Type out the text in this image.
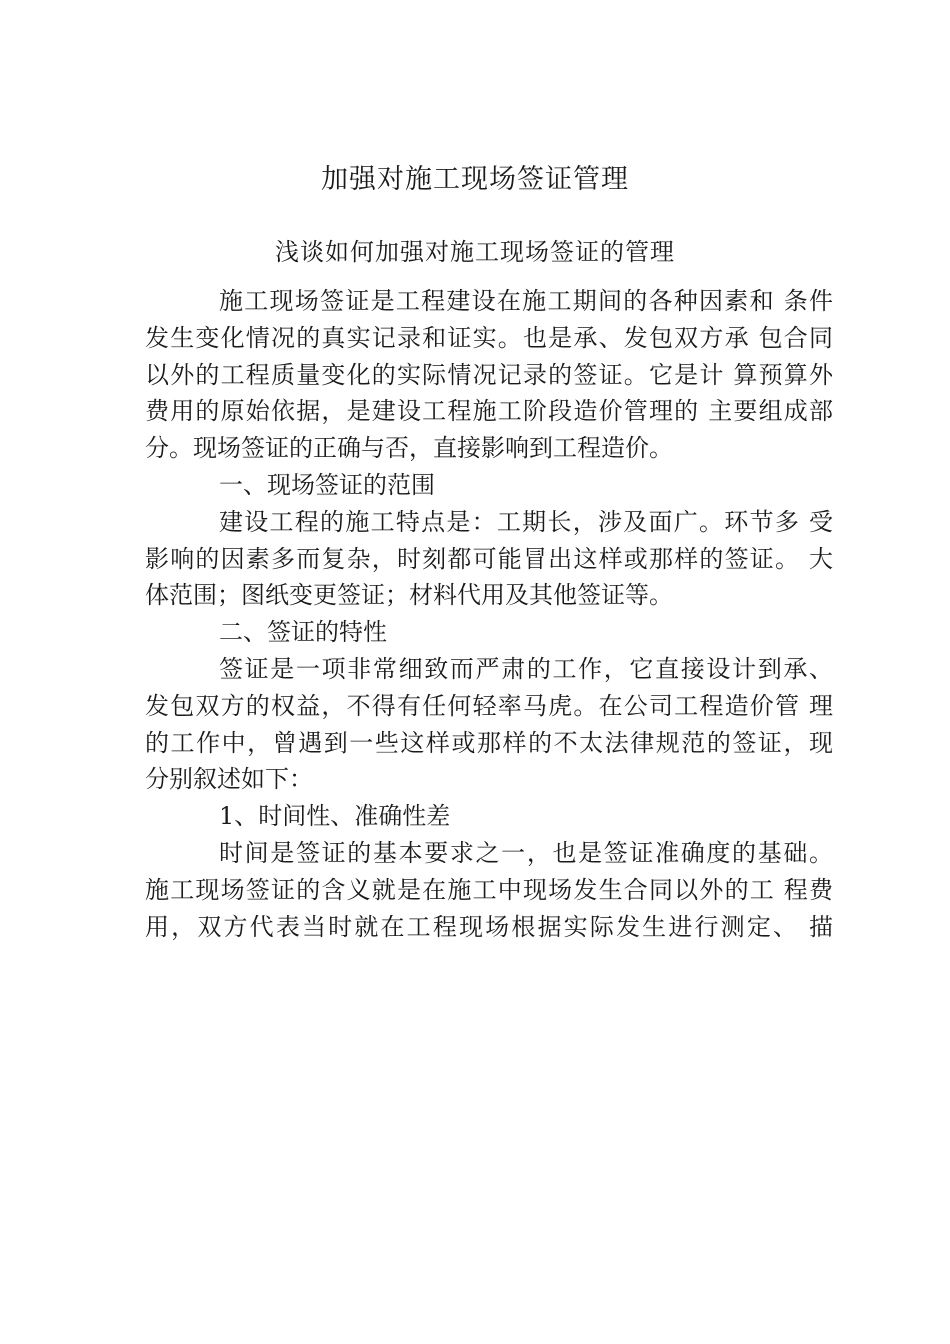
加强对施工现场签证管理
浅谈如何加强对施工现场签证的管理
施工现场签证是工程建设在施工期间的各种因素和 条件
发生变化情况的真实记录和证实。也是承、发包双方承 包合同
以外的工程质量变化的实际情况记录的签证。它是计 算预算外
费用的原始依据，是建设工程施工阶段造价管理的 主要组成部
分。现场签证的正确与否，直接影响到工程造价。
一、现场签证的范围
建设工程的施工特点是：工期长，涉及面广。环节多 受
影响的因素多而复杂，时刻都可能冒出这样或那样的签证。 大
体范围；图纸变更签证；材料代用及其他签证等。
二、签证的特性
签证是一项非常细致而严肃的工作，它直接设计到承、
发包双方的权益，不得有任何轻率马虎。在公司工程造价管 理
的工作中，曾遇到一些这样或那样的不太法律规范的签证，现
分别叙述如下：
1、时间性、准确性差
时间是签证的基本要求之一，也是签证准确度的基础。
施工现场签证的含义就是在施工中现场发生合同以外的工 程费
用，双方代表当时就在工程现场根据实际发生进行测定、 描
